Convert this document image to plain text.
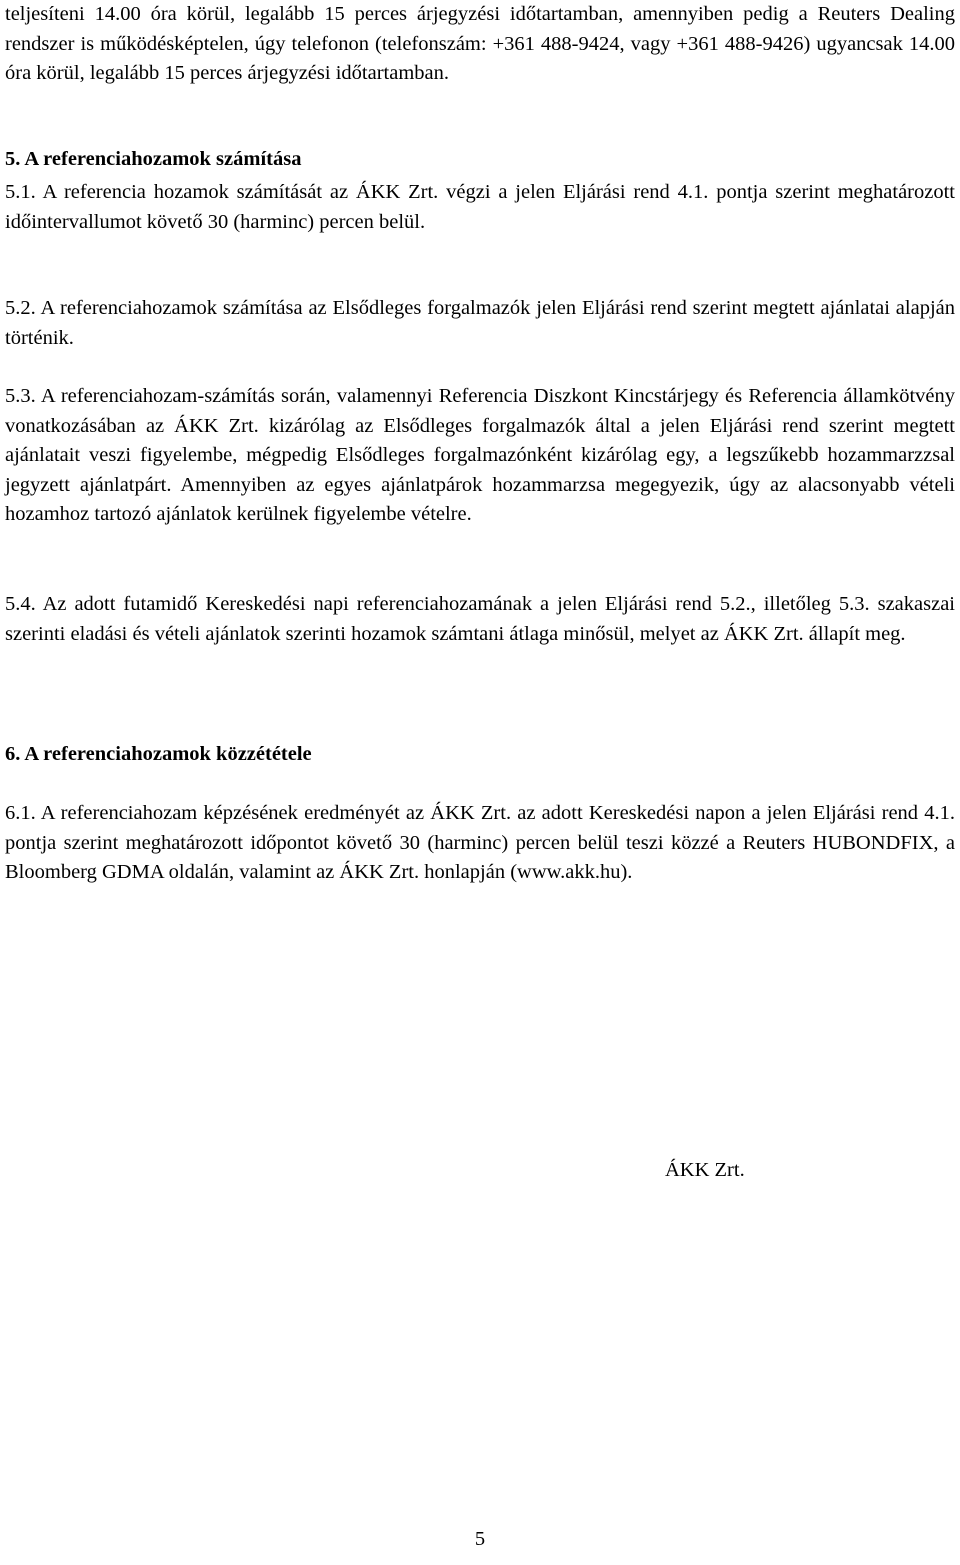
teljesíteni 14.00 óra körül, legalább 15 perces árjegyzési időtartamban, amennyiben pedig a Reuters Dealing rendszer is működésképtelen, úgy telefonon (telefonszám: +361 488-9424, vagy +361 488-9426) ugyancsak 14.00 óra körül, legalább 15 perces árjegyzési időtartamban.

5. A referenciahozamok számítása

5.1. A referencia hozamok számítását az ÁKK Zrt. végzi a jelen Eljárási rend 4.1. pontja szerint meghatározott időintervallumot követő 30 (harminc) percen belül.

5.2. A referenciahozamok számítása az Elsődleges forgalmazók jelen Eljárási rend szerint megtett ajánlatai alapján történik.

5.3. A referenciahozam-számítás során, valamennyi Referencia Diszkont Kincstárjegy és Referencia államkötvény vonatkozásában az ÁKK Zrt. kizárólag az Elsődleges forgalmazók által a jelen Eljárási rend szerint megtett ajánlatait veszi figyelembe, mégpedig Elsődleges forgalmazónként kizárólag egy, a legszűkebb hozammarzzsal jegyzett ajánlatpárt. Amennyiben az egyes ajánlatpárok hozammarzsa megegyezik, úgy az alacsonyabb vételi hozamhoz tartozó ajánlatok kerülnek figyelembe vételre.

5.4. Az adott futamidő Kereskedési napi referenciahozamának a jelen Eljárási rend 5.2., illetőleg 5.3. szakaszai szerinti eladási és vételi ajánlatok szerinti hozamok számtani átlaga minősül, melyet az ÁKK Zrt. állapít meg.

6. A referenciahozamok közzététele

6.1. A referenciahozam képzésének eredményét az ÁKK Zrt. az adott Kereskedési napon a jelen Eljárási rend 4.1. pontja szerint meghatározott időpontot követő 30 (harminc) percen belül teszi közzé a Reuters HUBONDFIX, a Bloomberg GDMA oldalán, valamint az ÁKK Zrt. honlapján (www.akk.hu).

ÁKK Zrt.
5
